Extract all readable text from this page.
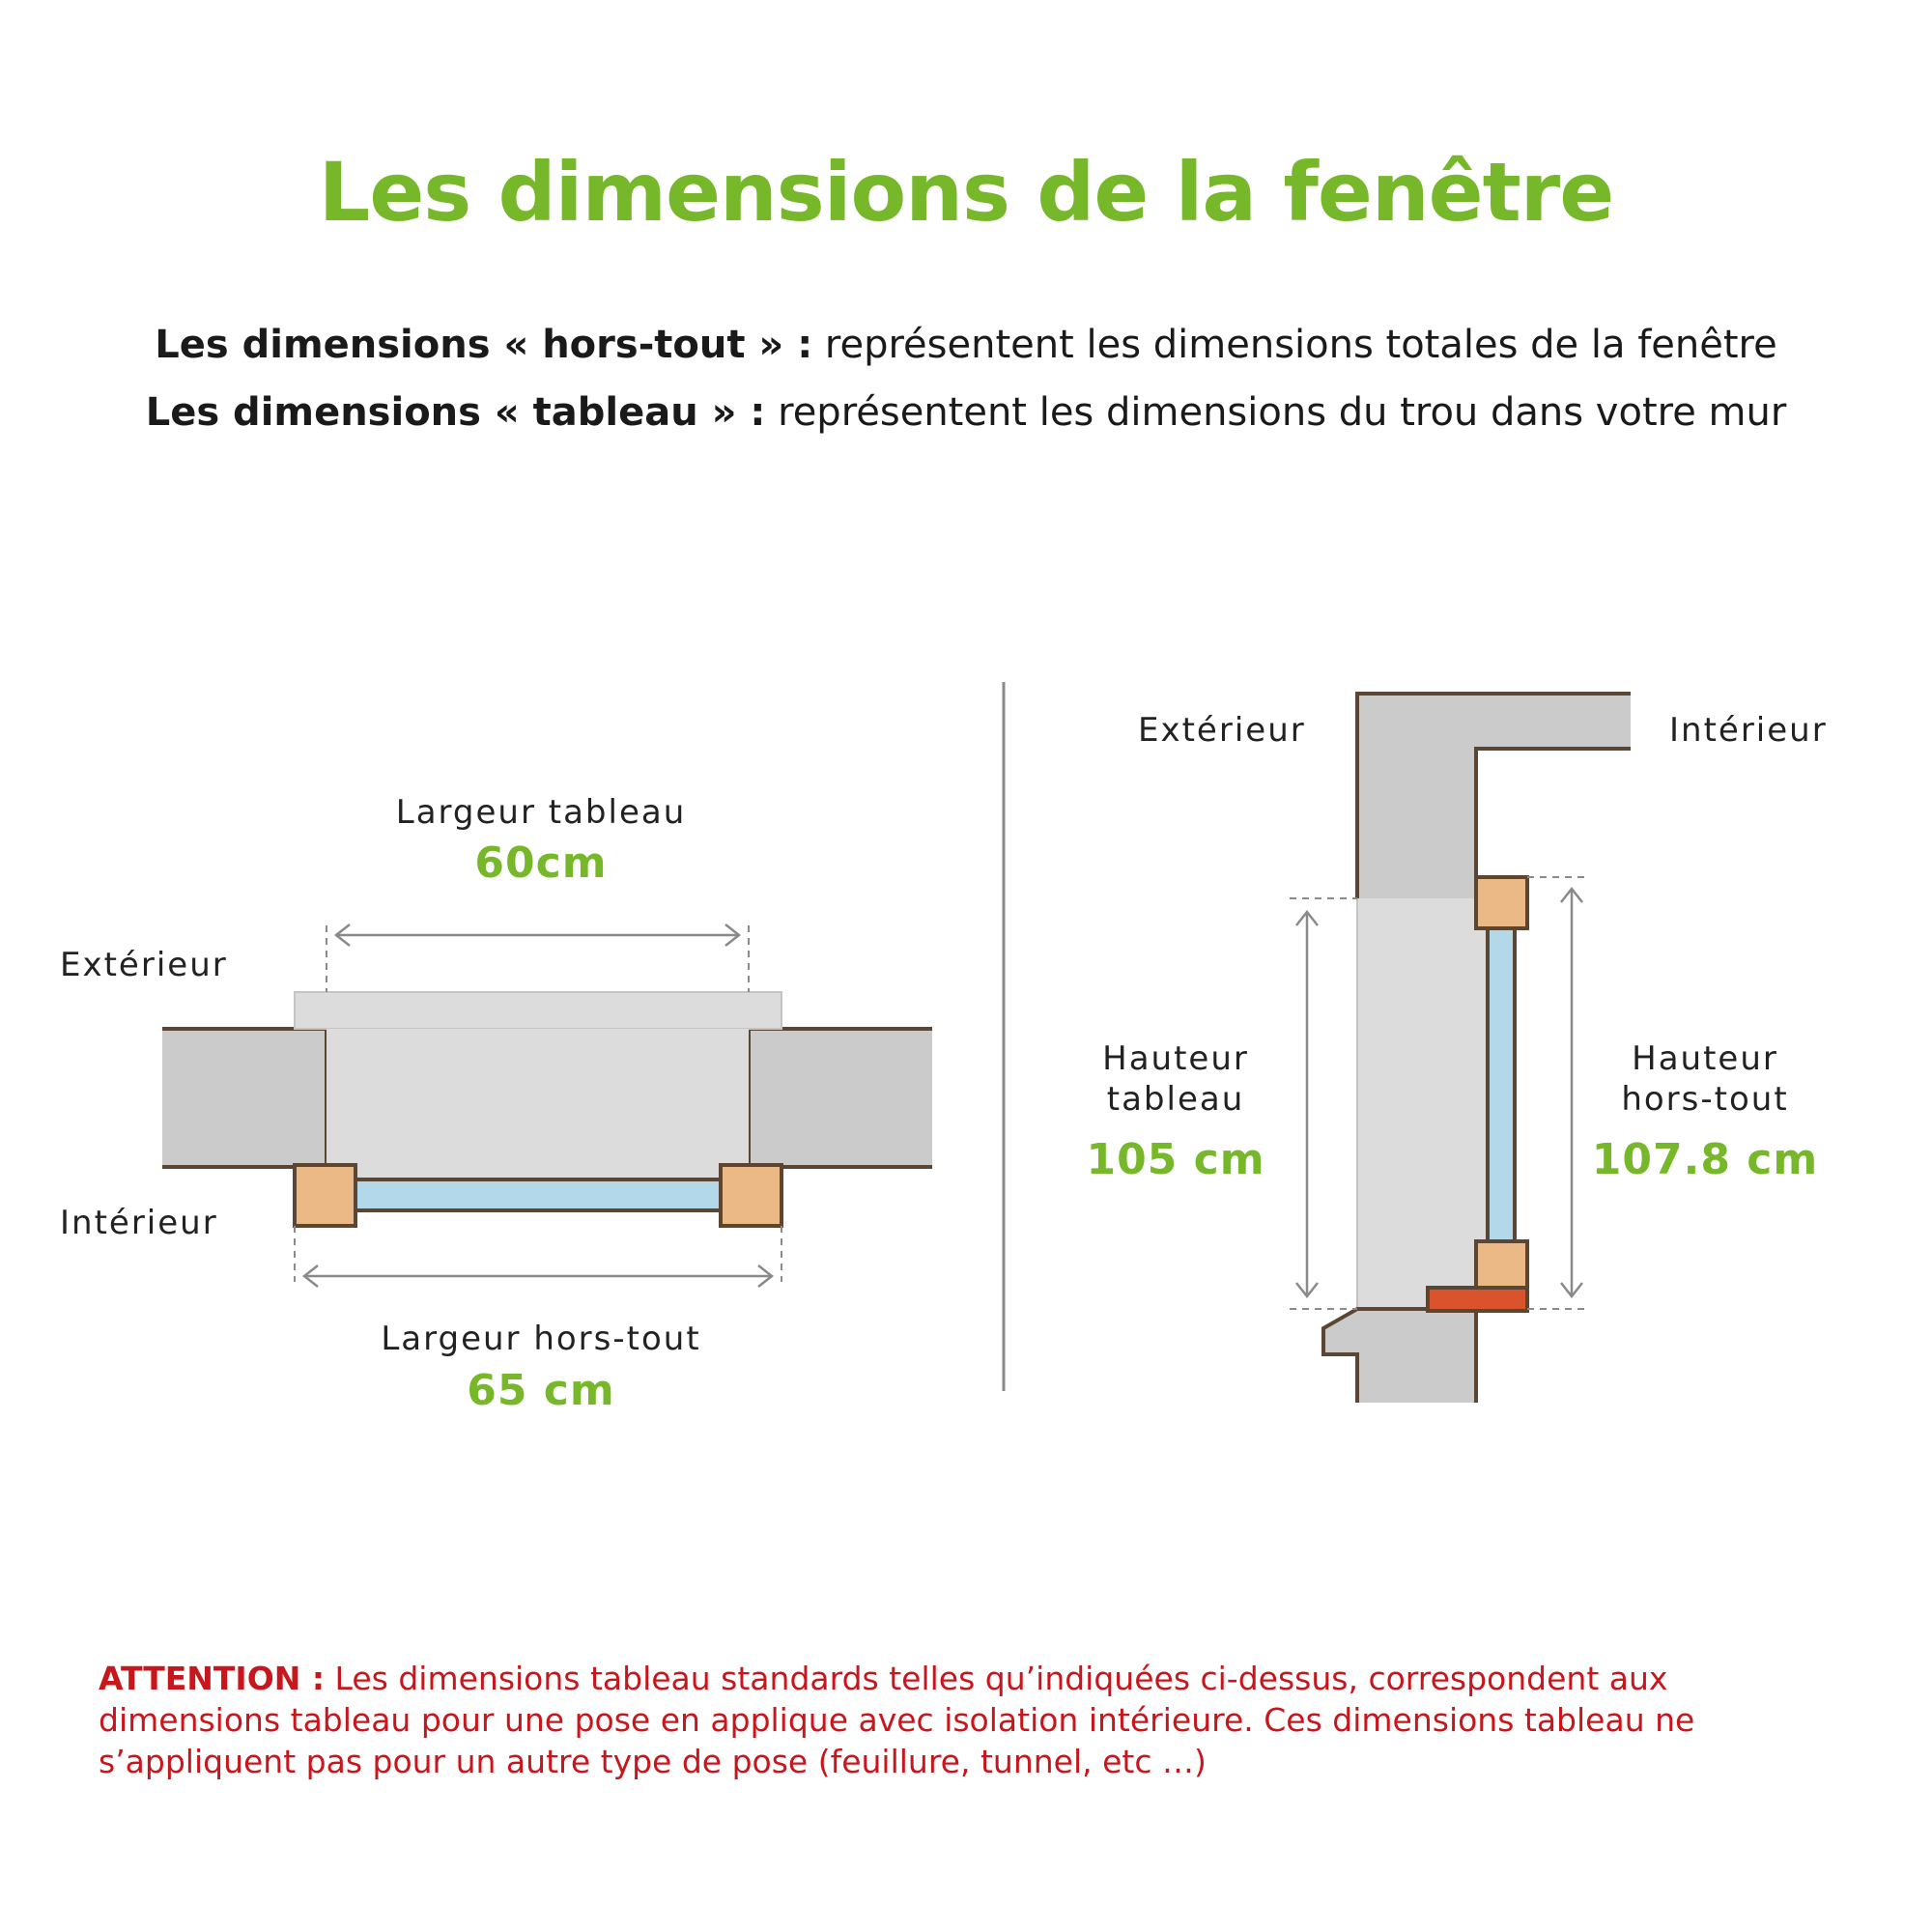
Les dimensions de la fenêtre
Les dimensions « hors-tout » : représentent les dimensions totales de la fenêtre
Les dimensions « tableau » : représentent les dimensions du trou dans votre mur
Extérieur
Intérieur
Largeur tableau
60cm
Largeur hors-tout
65 cm
Extérieur	Intérieur
Hauteur
tableau
105 cm
Hauteur
hors-tout
107.8 cm
ATTENTION : Les dimensions tableau standards telles qu’indiquées ci-dessus, correspondent aux dimensions tableau pour une pose en applique avec isolation intérieure. Ces dimensions tableau ne s’appliquent pas pour un autre type de pose (feuillure, tunnel, etc …)
